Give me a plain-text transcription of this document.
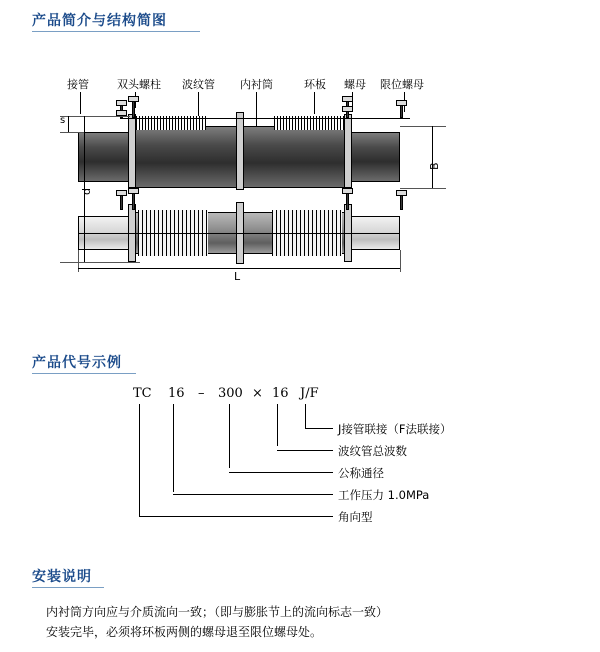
产品简介与结构简图
接管	双头螺柱 波纹管 内衬筒	环板 螺母 限位螺母
s
d
B
L
产品代号示例
TC 16 – 300 × 16 J/F
J接管联接（F法联接）
波纹管总波数
公称通径
工作压力 1.0MPa
角向型
安装说明
内衬筒方向应与介质流向一致；（即与膨胀节上的流向标志一致）
安装完毕，必须将环板两侧的螺母退至限位螺母处。
